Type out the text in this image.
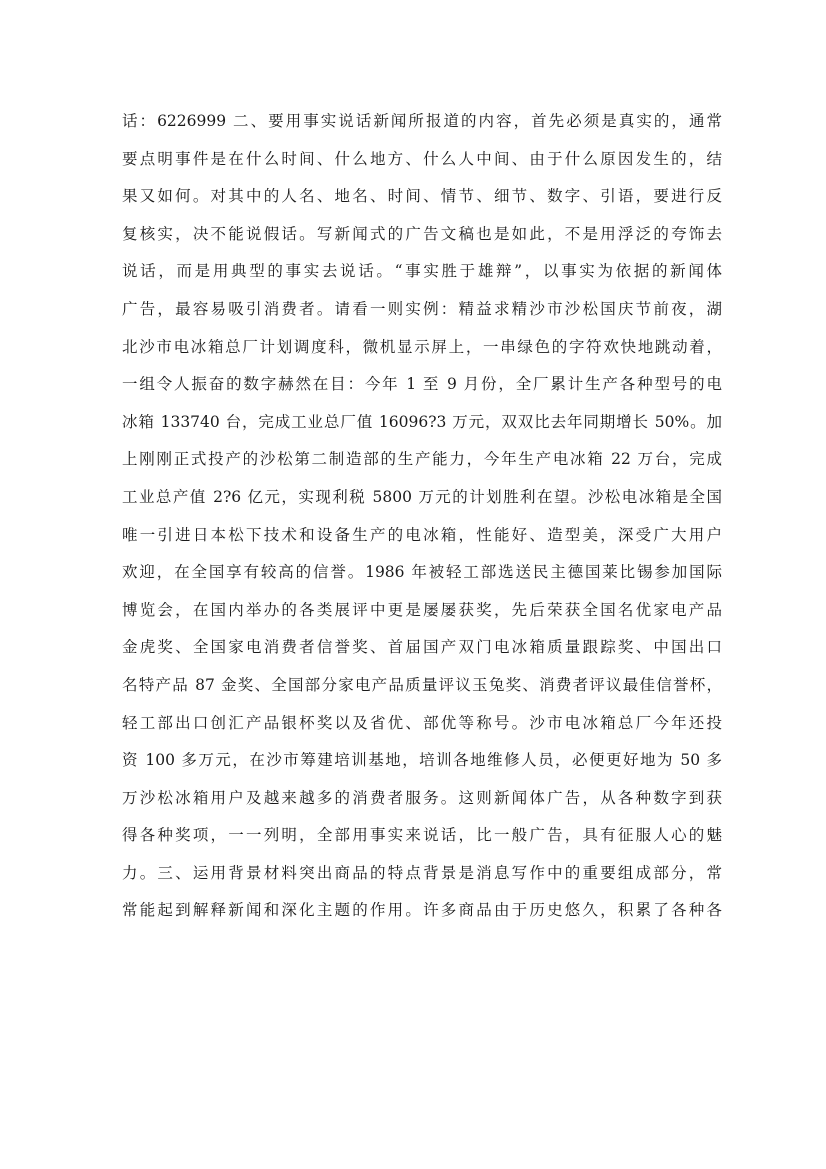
话：6226999 二、要用事实说话新闻所报道的内容，首先必须是真实的，通常
要点明事件是在什么时间、什么地方、什么人中间、由于什么原因发生的，结
果又如何。对其中的人名、地名、时间、情节、细节、数字、引语，要进行反
复核实，决不能说假话。写新闻式的广告文稿也是如此，不是用浮泛的夸饰去
说话，而是用典型的事实去说话。“事实胜于雄辩”，以事实为依据的新闻体
广告，最容易吸引消费者。请看一则实例：精益求精沙市沙松国庆节前夜，湖
北沙市电冰箱总厂计划调度科，微机显示屏上，一串绿色的字符欢快地跳动着，
一组令人振奋的数字赫然在目：今年 1 至 9 月份，全厂累计生产各种型号的电
冰箱 133740 台，完成工业总厂值 16096?3 万元，双双比去年同期增长 50%。加
上刚刚正式投产的沙松第二制造部的生产能力，今年生产电冰箱 22 万台，完成
工业总产值 2?6 亿元，实现利税 5800 万元的计划胜利在望。沙松电冰箱是全国
唯一引进日本松下技术和设备生产的电冰箱，性能好、造型美，深受广大用户
欢迎，在全国享有较高的信誉。1986 年被轻工部选送民主德国莱比锡参加国际
博览会，在国内举办的各类展评中更是屡屡获奖，先后荣获全国名优家电产品
金虎奖、全国家电消费者信誉奖、首届国产双门电冰箱质量跟踪奖、中国出口
名特产品 87 金奖、全国部分家电产品质量评议玉兔奖、消费者评议最佳信誉杯，
轻工部出口创汇产品银杯奖以及省优、部优等称号。沙市电冰箱总厂今年还投
资 100 多万元，在沙市筹建培训基地，培训各地维修人员，必便更好地为 50 多
万沙松冰箱用户及越来越多的消费者服务。这则新闻体广告，从各种数字到获
得各种奖项，一一列明，全部用事实来说话，比一般广告，具有征服人心的魅
力。三、运用背景材料突出商品的特点背景是消息写作中的重要组成部分，常
常能起到解释新闻和深化主题的作用。许多商品由于历史悠久，积累了各种各
